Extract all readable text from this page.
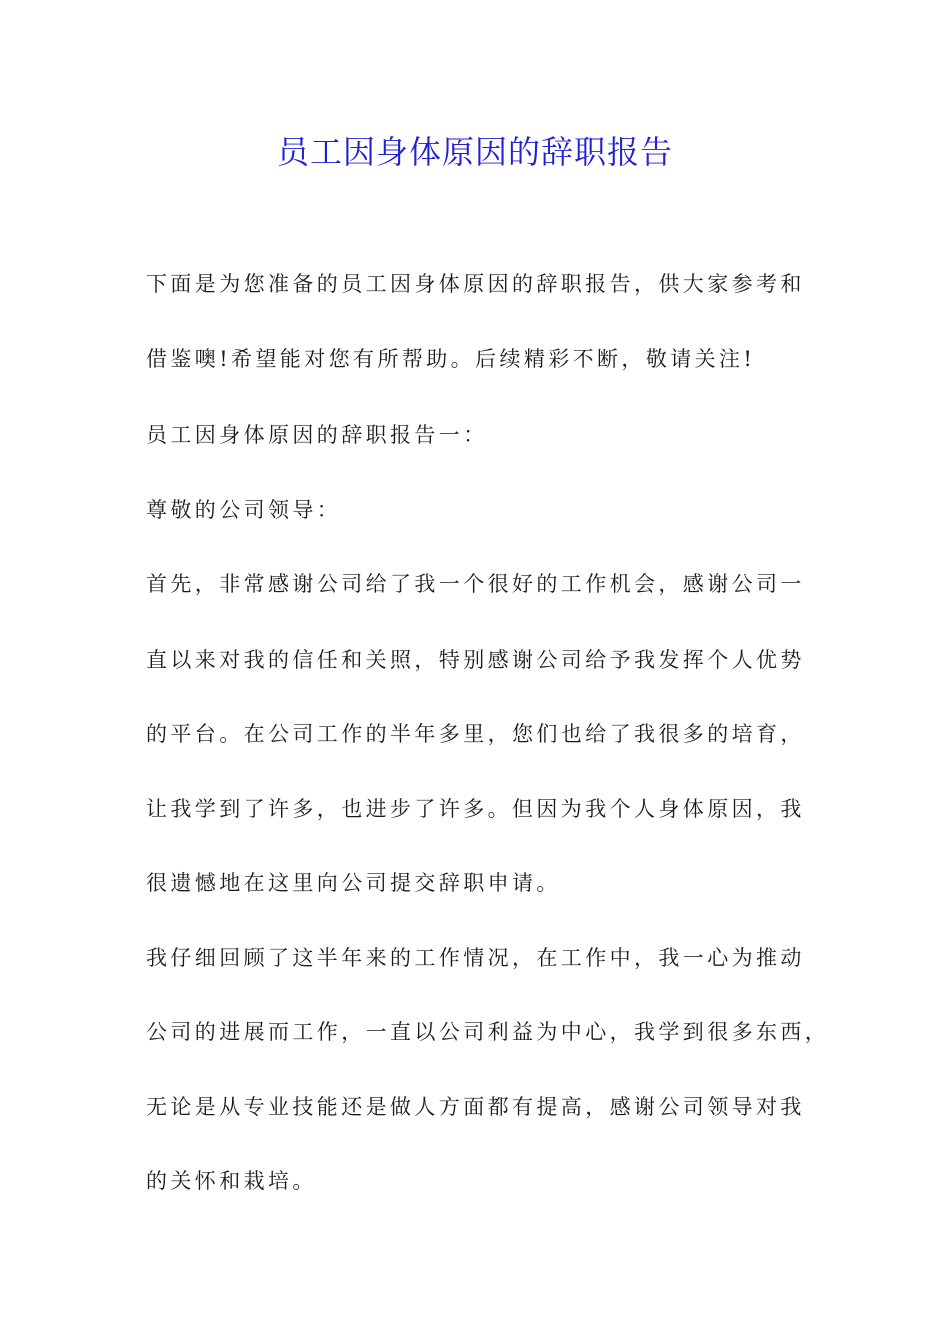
员工因身体原因的辞职报告

下面是为您准备的员工因身体原因的辞职报告，供大家参考和

借鉴噢!希望能对您有所帮助。后续精彩不断，敬请关注!

员工因身体原因的辞职报告一：

尊敬的公司领导：

首先，非常感谢公司给了我一个很好的工作机会，感谢公司一

直以来对我的信任和关照，特别感谢公司给予我发挥个人优势

的平台。在公司工作的半年多里，您们也给了我很多的培育，

让我学到了许多，也进步了许多。但因为我个人身体原因，我

很遗憾地在这里向公司提交辞职申请。

我仔细回顾了这半年来的工作情况，在工作中，我一心为推动

公司的进展而工作，一直以公司利益为中心，我学到很多东西，

无论是从专业技能还是做人方面都有提高，感谢公司领导对我

的关怀和栽培。
